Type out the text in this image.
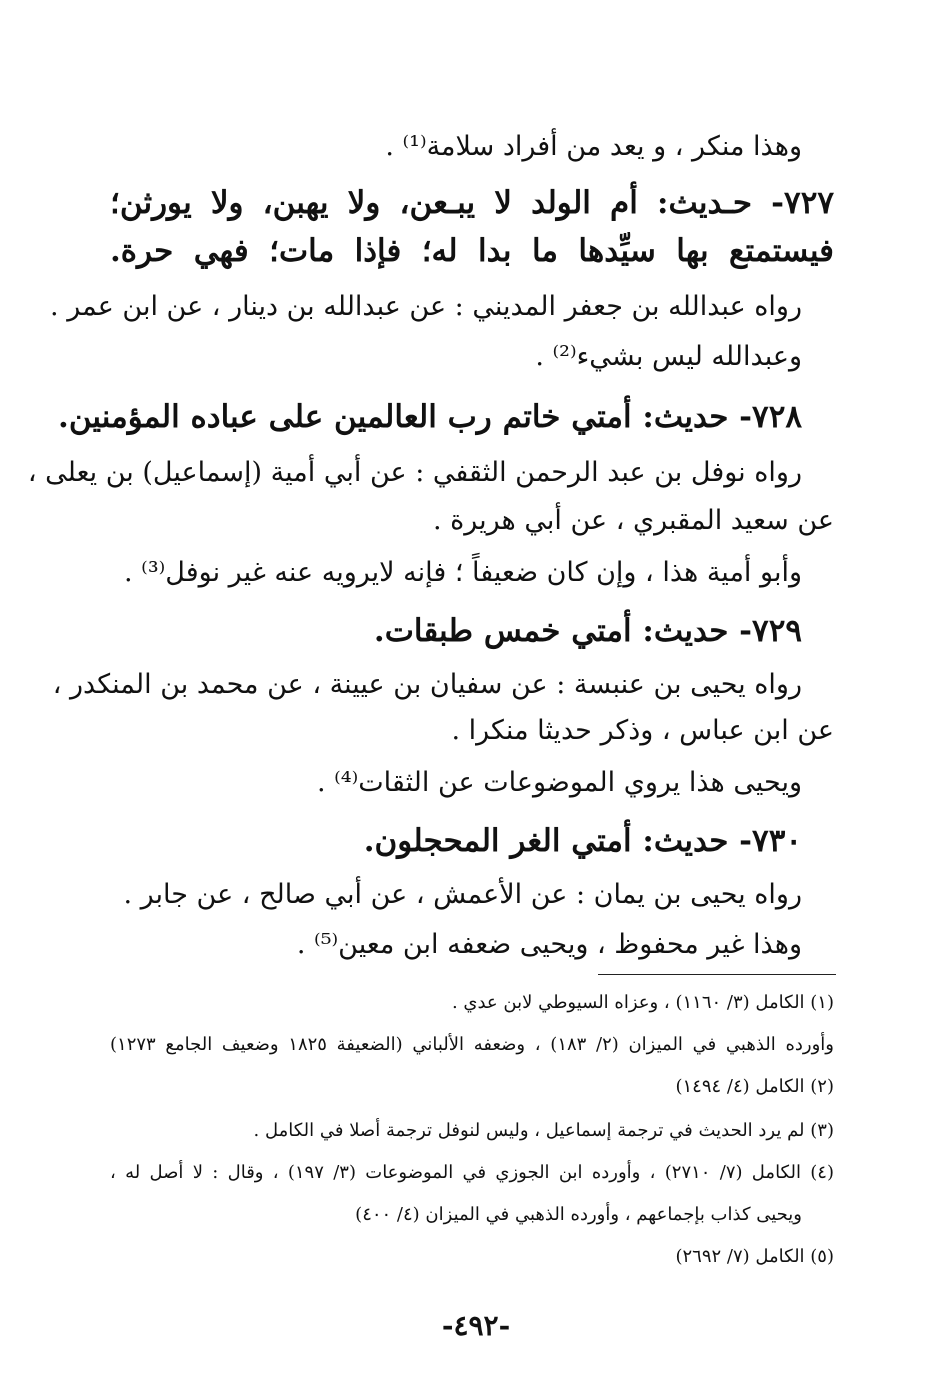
وهذا منكر ، و يعد من أفراد سلامة⁽¹⁾ .
٧٢٧- حـديث: أم الولد لا يبـعن، ولا يهبن، ولا يورثن؛
فيستمتع بها سيِّدها ما بدا له؛ فإذا مات؛ فهي حرة.
رواه عبدالله بن جعفر المديني : عن عبدالله بن دينار ، عن ابن عمر .
وعبدالله ليس بشيء⁽²⁾ .
٧٢٨- حديث: أمتي خاتم رب العالمين على عباده المؤمنين.
رواه نوفل بن عبد الرحمن الثقفي : عن أبي أمية (إسماعيل) بن يعلى ،
عن سعيد المقبري ، عن أبي هريرة .
وأبو أمية هذا ، وإن كان ضعيفاً ؛ فإنه لايرويه عنه غير نوفل⁽³⁾ .
٧٢٩- حديث: أمتي خمس طبقات.
رواه يحيى بن عنبسة : عن سفيان بن عيينة ، عن محمد بن المنكدر ،
عن ابن عباس ، وذكر حديثا منكرا .
ويحيى هذا يروي الموضوعات عن الثقات⁽⁴⁾ .
٧٣٠- حديث: أمتي الغر المحجلون.
رواه يحيى بن يمان : عن الأعمش ، عن أبي صالح ، عن جابر .
وهذا غير محفوظ ، ويحيى ضعفه ابن معين⁽⁵⁾ .
(١) الكامل (٣/ ١١٦٠) ، وعزاه السيوطي لابن عدي .
وأورده الذهبي في الميزان (٢/ ١٨٣) ، وضعفه الألباني (الضعيفة ١٨٢٥ وضعيف الجامع ١٢٧٣)
(٢) الكامل (٤/ ١٤٩٤)
(٣) لم يرد الحديث في ترجمة إسماعيل ، وليس لنوفل ترجمة أصلا في الكامل .
(٤) الكامل (٧/ ٢٧١٠) ، وأورده ابن الجوزي في الموضوعات (٣/ ١٩٧) ، وقال : لا أصل له ،
ويحيى كذاب بإجماعهم ، وأورده الذهبي في الميزان (٤/ ٤٠٠)
(٥) الكامل (٧/ ٢٦٩٢)
-٤٩٢-
